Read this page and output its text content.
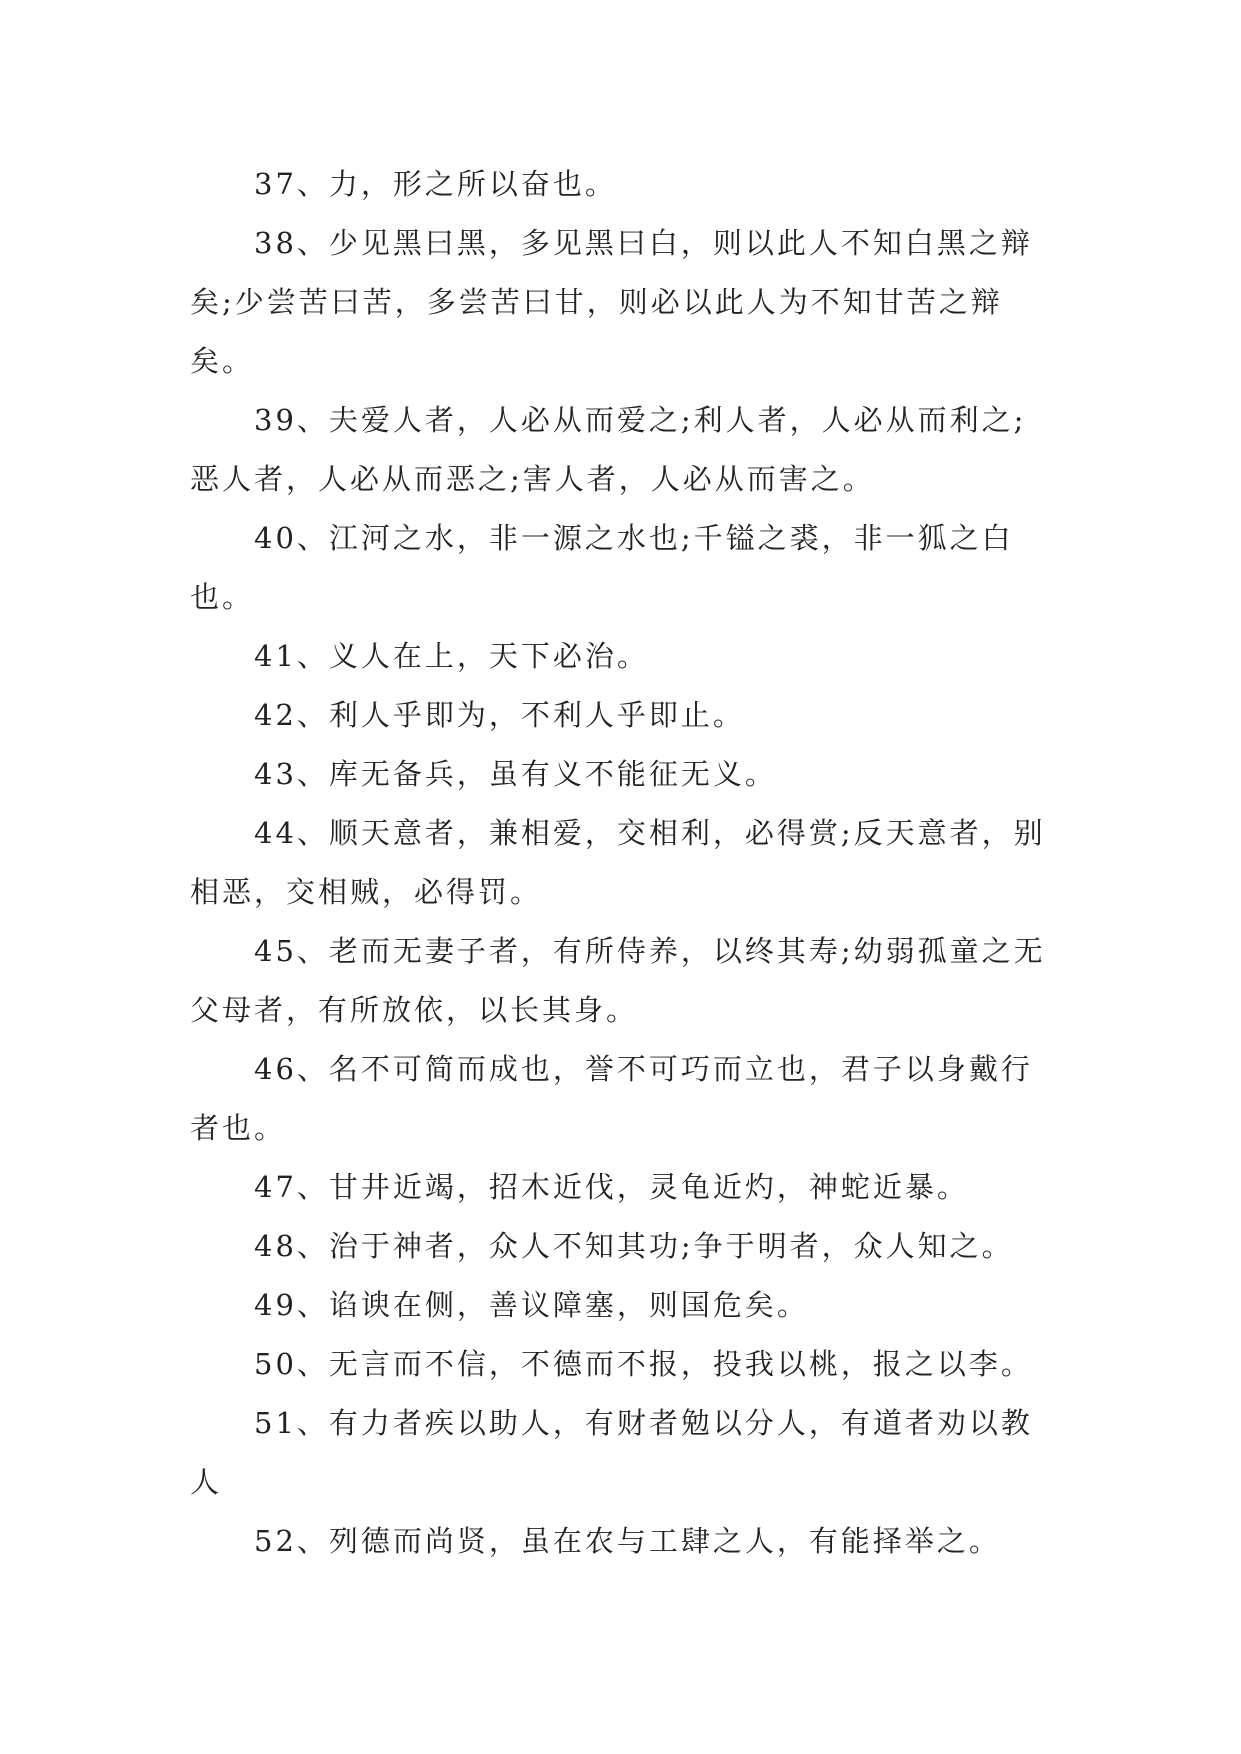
37、力，形之所以奋也。

38、少见黑曰黑，多见黑曰白，则以此人不知白黑之辩矣;少尝苦曰苦，多尝苦曰甘，则必以此人为不知甘苦之辩矣。

39、夫爱人者，人必从而爱之;利人者，人必从而利之;恶人者，人必从而恶之;害人者，人必从而害之。

40、江河之水，非一源之水也;千镒之裘，非一狐之白也。

41、义人在上，天下必治。

42、利人乎即为，不利人乎即止。

43、库无备兵，虽有义不能征无义。

44、顺天意者，兼相爱，交相利，必得赏;反天意者，别相恶，交相贼，必得罚。

45、老而无妻子者，有所侍养，以终其寿;幼弱孤童之无父母者，有所放依，以长其身。

46、名不可简而成也，誉不可巧而立也，君子以身戴行者也。

47、甘井近竭，招木近伐，灵龟近灼，神蛇近暴。

48、治于神者，众人不知其功;争于明者，众人知之。

49、谄谀在侧，善议障塞，则国危矣。

50、无言而不信，不德而不报，投我以桃，报之以李。

51、有力者疾以助人，有财者勉以分人，有道者劝以教人

52、列德而尚贤，虽在农与工肆之人，有能择举之。
